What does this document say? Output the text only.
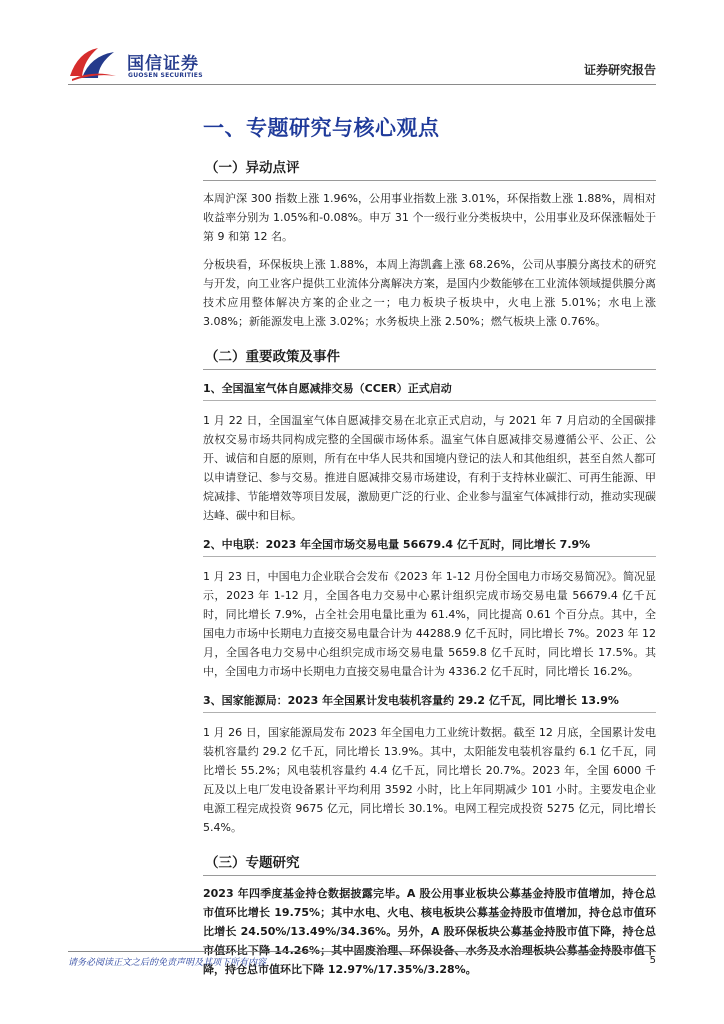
国信证券
GUOSEN SECURITIES	证券研究报告
一、专题研究与核心观点
（一）异动点评

本周沪深 300 指数上涨 1.96%，公用事业指数上涨 3.01%，环保指数上涨 1.88%，周相对收益率分别为 1.05%和-0.08%。申万 31 个一级行业分类板块中，公用事业及环保涨幅处于第 9 和第 12 名。

分板块看，环保板块上涨 1.88%，本周上海凯鑫上涨 68.26%，公司从事膜分离技术的研究与开发，向工业客户提供工业流体分离解决方案，是国内少数能够在工业流体领域提供膜分离技术应用整体解决方案的企业之一；电力板块子板块中，火电上涨 5.01%；水电上涨 3.08%；新能源发电上涨 3.02%；水务板块上涨 2.50%；燃气板块上涨 0.76%。

（二）重要政策及事件
1、全国温室气体自愿减排交易（CCER）正式启动

1 月 22 日，全国温室气体自愿减排交易在北京正式启动，与 2021 年 7 月启动的全国碳排放权交易市场共同构成完整的全国碳市场体系。温室气体自愿减排交易遵循公平、公正、公开、诚信和自愿的原则，所有在中华人民共和国境内登记的法人和其他组织，甚至自然人都可以申请登记、参与交易。推进自愿减排交易市场建设，有利于支持林业碳汇、可再生能源、甲烷减排、节能增效等项目发展，激励更广泛的行业、企业参与温室气体减排行动，推动实现碳达峰、碳中和目标。

2、中电联：2023 年全国市场交易电量 56679.4 亿千瓦时，同比增长 7.9%

1 月 23 日，中国电力企业联合会发布《2023 年 1-12 月份全国电力市场交易简况》。简况显示，2023 年 1-12 月，全国各电力交易中心累计组织完成市场交易电量 56679.4 亿千瓦时，同比增长 7.9%，占全社会用电量比重为 61.4%，同比提高 0.61 个百分点。其中，全国电力市场中长期电力直接交易电量合计为 44288.9 亿千瓦时，同比增长 7%。2023 年 12 月，全国各电力交易中心组织完成市场交易电量 5659.8 亿千瓦时，同比增长 17.5%。其中，全国电力市场中长期电力直接交易电量合计为 4336.2 亿千瓦时，同比增长 16.2%。

3、国家能源局：2023 年全国累计发电装机容量约 29.2 亿千瓦，同比增长 13.9%

1 月 26 日，国家能源局发布 2023 年全国电力工业统计数据。截至 12 月底，全国累计发电装机容量约 29.2 亿千瓦，同比增长 13.9%。其中，太阳能发电装机容量约 6.1 亿千瓦，同比增长 55.2%；风电装机容量约 4.4 亿千瓦，同比增长 20.7%。2023 年，全国 6000 千瓦及以上电厂发电设备累计平均利用 3592 小时，比上年同期减少 101 小时。主要发电企业电源工程完成投资 9675 亿元，同比增长 30.1%。电网工程完成投资 5275 亿元，同比增长 5.4%。

（三）专题研究

2023 年四季度基金持仓数据披露完毕。A 股公用事业板块公募基金持股市值增加，持仓总市值环比增长 19.75%；其中水电、火电、核电板块公募基金持股市值增加，持仓总市值环比增长 24.50%/13.49%/34.36%。另外，A 股环保板块公募基金持股市值下降，持仓总市值环比下降 14.26%；其中固废治理、环保设备、水务及水治理板块公募基金持股市值下降，持仓总市值环比下降 12.97%/17.35%/3.28%。

请务必阅读正文之后的免责声明及其项下所有内容	5
